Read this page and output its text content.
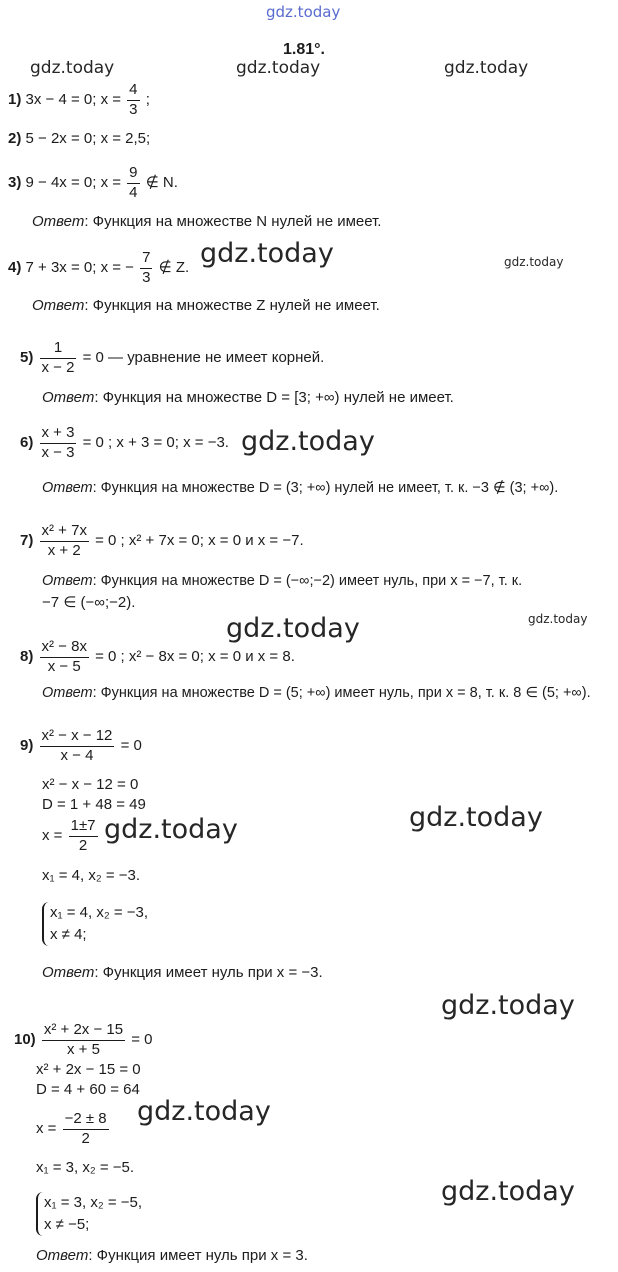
gdz.today
gdz.today	gdz.today	gdz.today
gdz.today	gdz.today
gdz.today
gdz.today
gdz.today
gdz.today	gdz.today
gdz.today
gdz.today
gdz.today
1.81°.
1) 3x − 4 = 0; $x = \frac{4}{3}$ ;
2) 5 − 2x = 0; x = 2,5;
3) 9 − 4x = 0; $x = \frac{9}{4}$ ∉ N.
Ответ: Функция на множестве N нулей не имеет.
4) 7 + 3x = 0; x = − $\frac{7}{3}$ ∉ Z.
Ответ: Функция на множестве Z нулей не имеет.
$5) \frac{1}{x - 2} = 0$ — уравнение не имеет корней.
Ответ: Функция на множестве D = [3; +∞) нулей не имеет.
$6) \frac{x + 3}{x - 3} = 0$ ; x + 3 = 0; x = −3.
Ответ: Функция на множестве D = (3; +∞) нулей не имеет, т. к. −3 ∉ (3; +∞).
$7) \frac{\text{x² + 7x}}{x + 2} = 0$ ; x² + 7x = 0; x = 0 и x = −7.
Ответ: Функция на множестве D = (−∞;−2) имеет нуль, при x = −7, т. к.
−7 ∈ (−∞;−2).
$8) \frac{\text{x² − 8x}}{x - 5} = 0$ ; x² − 8x = 0; x = 0 и x = 8.
Ответ: Функция на множестве D = (5; +∞) имеет нуль, при x = 8, т. к. 8 ∈ (5; +∞).
$9) \frac{\text{x² − x − 12}}{x - 4} = 0$
x² − x − 12 = 0
D = 1 + 48 = 49
$x = \frac{1\pm 7}{2}$
x₁ = 4, x₂ = −3.
x₁ = 4, x₂ = −3,
x ≠ 4;
Ответ: Функция имеет нуль при x = −3.
$10) \frac{\text{x² + 2x − 15}}{x + 5} = 0$
x² + 2x − 15 = 0
D = 4 + 60 = 64
$x = \frac{-2 \pm 8}{2}$
x₁ = 3, x₂ = −5.
x₁ = 3, x₂ = −5,
x ≠ −5;
Ответ: Функция имеет нуль при x = 3.
